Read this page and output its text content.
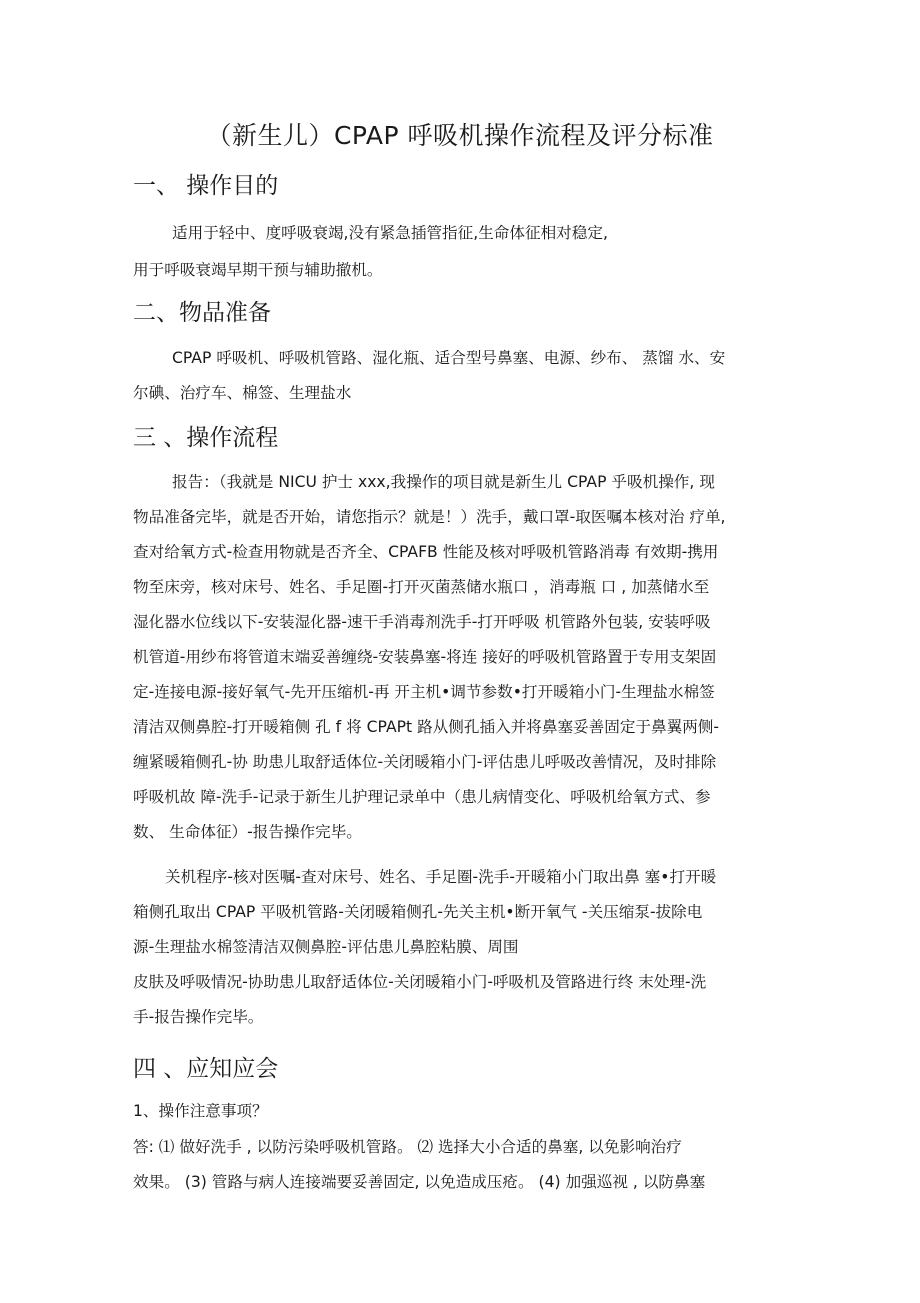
（新生儿）CPAP 呼吸机操作流程及评分标准
一、 操作目的
适用于轻中、度呼吸衰竭,没有紧急插管指征,生命体征相对稳定,
用于呼吸衰竭早期干预与辅助撤机。
二、物品准备
CPAP 呼吸机、呼吸机管路、湿化瓶、适合型号鼻塞、电源、纱布、 蒸馏 水、安
尔碘、治疗车、棉签、生理盐水
三 、操作流程
报告：（我就是 NICU 护士 xxx,我操作的项目就是新生儿 CPAP 乎吸机操作, 现
物品准备完毕，就是否开始，请您指示？就是！）洗手，戴口罩-取医嘱本核对治 疗单,
查对给氧方式-检查用物就是否齐全、CPAFB 性能及核对呼吸机管路消毒 有效期-携用
物至床旁，核对床号、姓名、手足圈-打开灭菌蒸储水瓶口 ，消毒瓶 口 , 加蒸储水至
湿化器水位线以下-安装湿化器-速干手消毒剂洗手-打开呼吸 机管路外包装, 安装呼吸
机管道-用纱布将管道末端妥善缠绕-安装鼻塞-将连 接好的呼吸机管路置于专用支架固
定-连接电源-接好氧气-先开压缩机-再 开主机•调节参数•打开暖箱小门-生理盐水棉签
清洁双侧鼻腔-打开暖箱侧 孔 f 将 CPAPt 路从侧孔插入并将鼻塞妥善固定于鼻翼两侧-
缠紧暖箱侧孔-协 助患儿取舒适体位-关闭暖箱小门-评估患儿呼吸改善情况，及时排除
呼吸机故 障-洗手-记录于新生儿护理记录单中（患儿病情变化、呼吸机给氧方式、参
数、 生命体征）-报告操作完毕。
关机程序-核对医嘱-查对床号、姓名、手足圈-洗手-开暖箱小门取出鼻 塞•打开暖
箱侧孔取出 CPAP 平吸机管路-关闭暖箱侧孔-先关主机•断开氧气 -关压缩泵-拔除电
源-生理盐水棉签清洁双侧鼻腔-评估患儿鼻腔粘膜、周围
皮肤及呼吸情况-协助患儿取舒适体位-关闭暖箱小门-呼吸机及管路进行终 末处理-洗
手-报告操作完毕。
四 、应知应会
1、操作注意事项？
答: ⑴ 做好洗手 , 以防污染呼吸机管路。 ⑵ 选择大小合适的鼻塞, 以免影响治疗
效果。 (3) 管路与病人连接端要妥善固定, 以免造成压疮。 (4) 加强巡视 , 以防鼻塞
